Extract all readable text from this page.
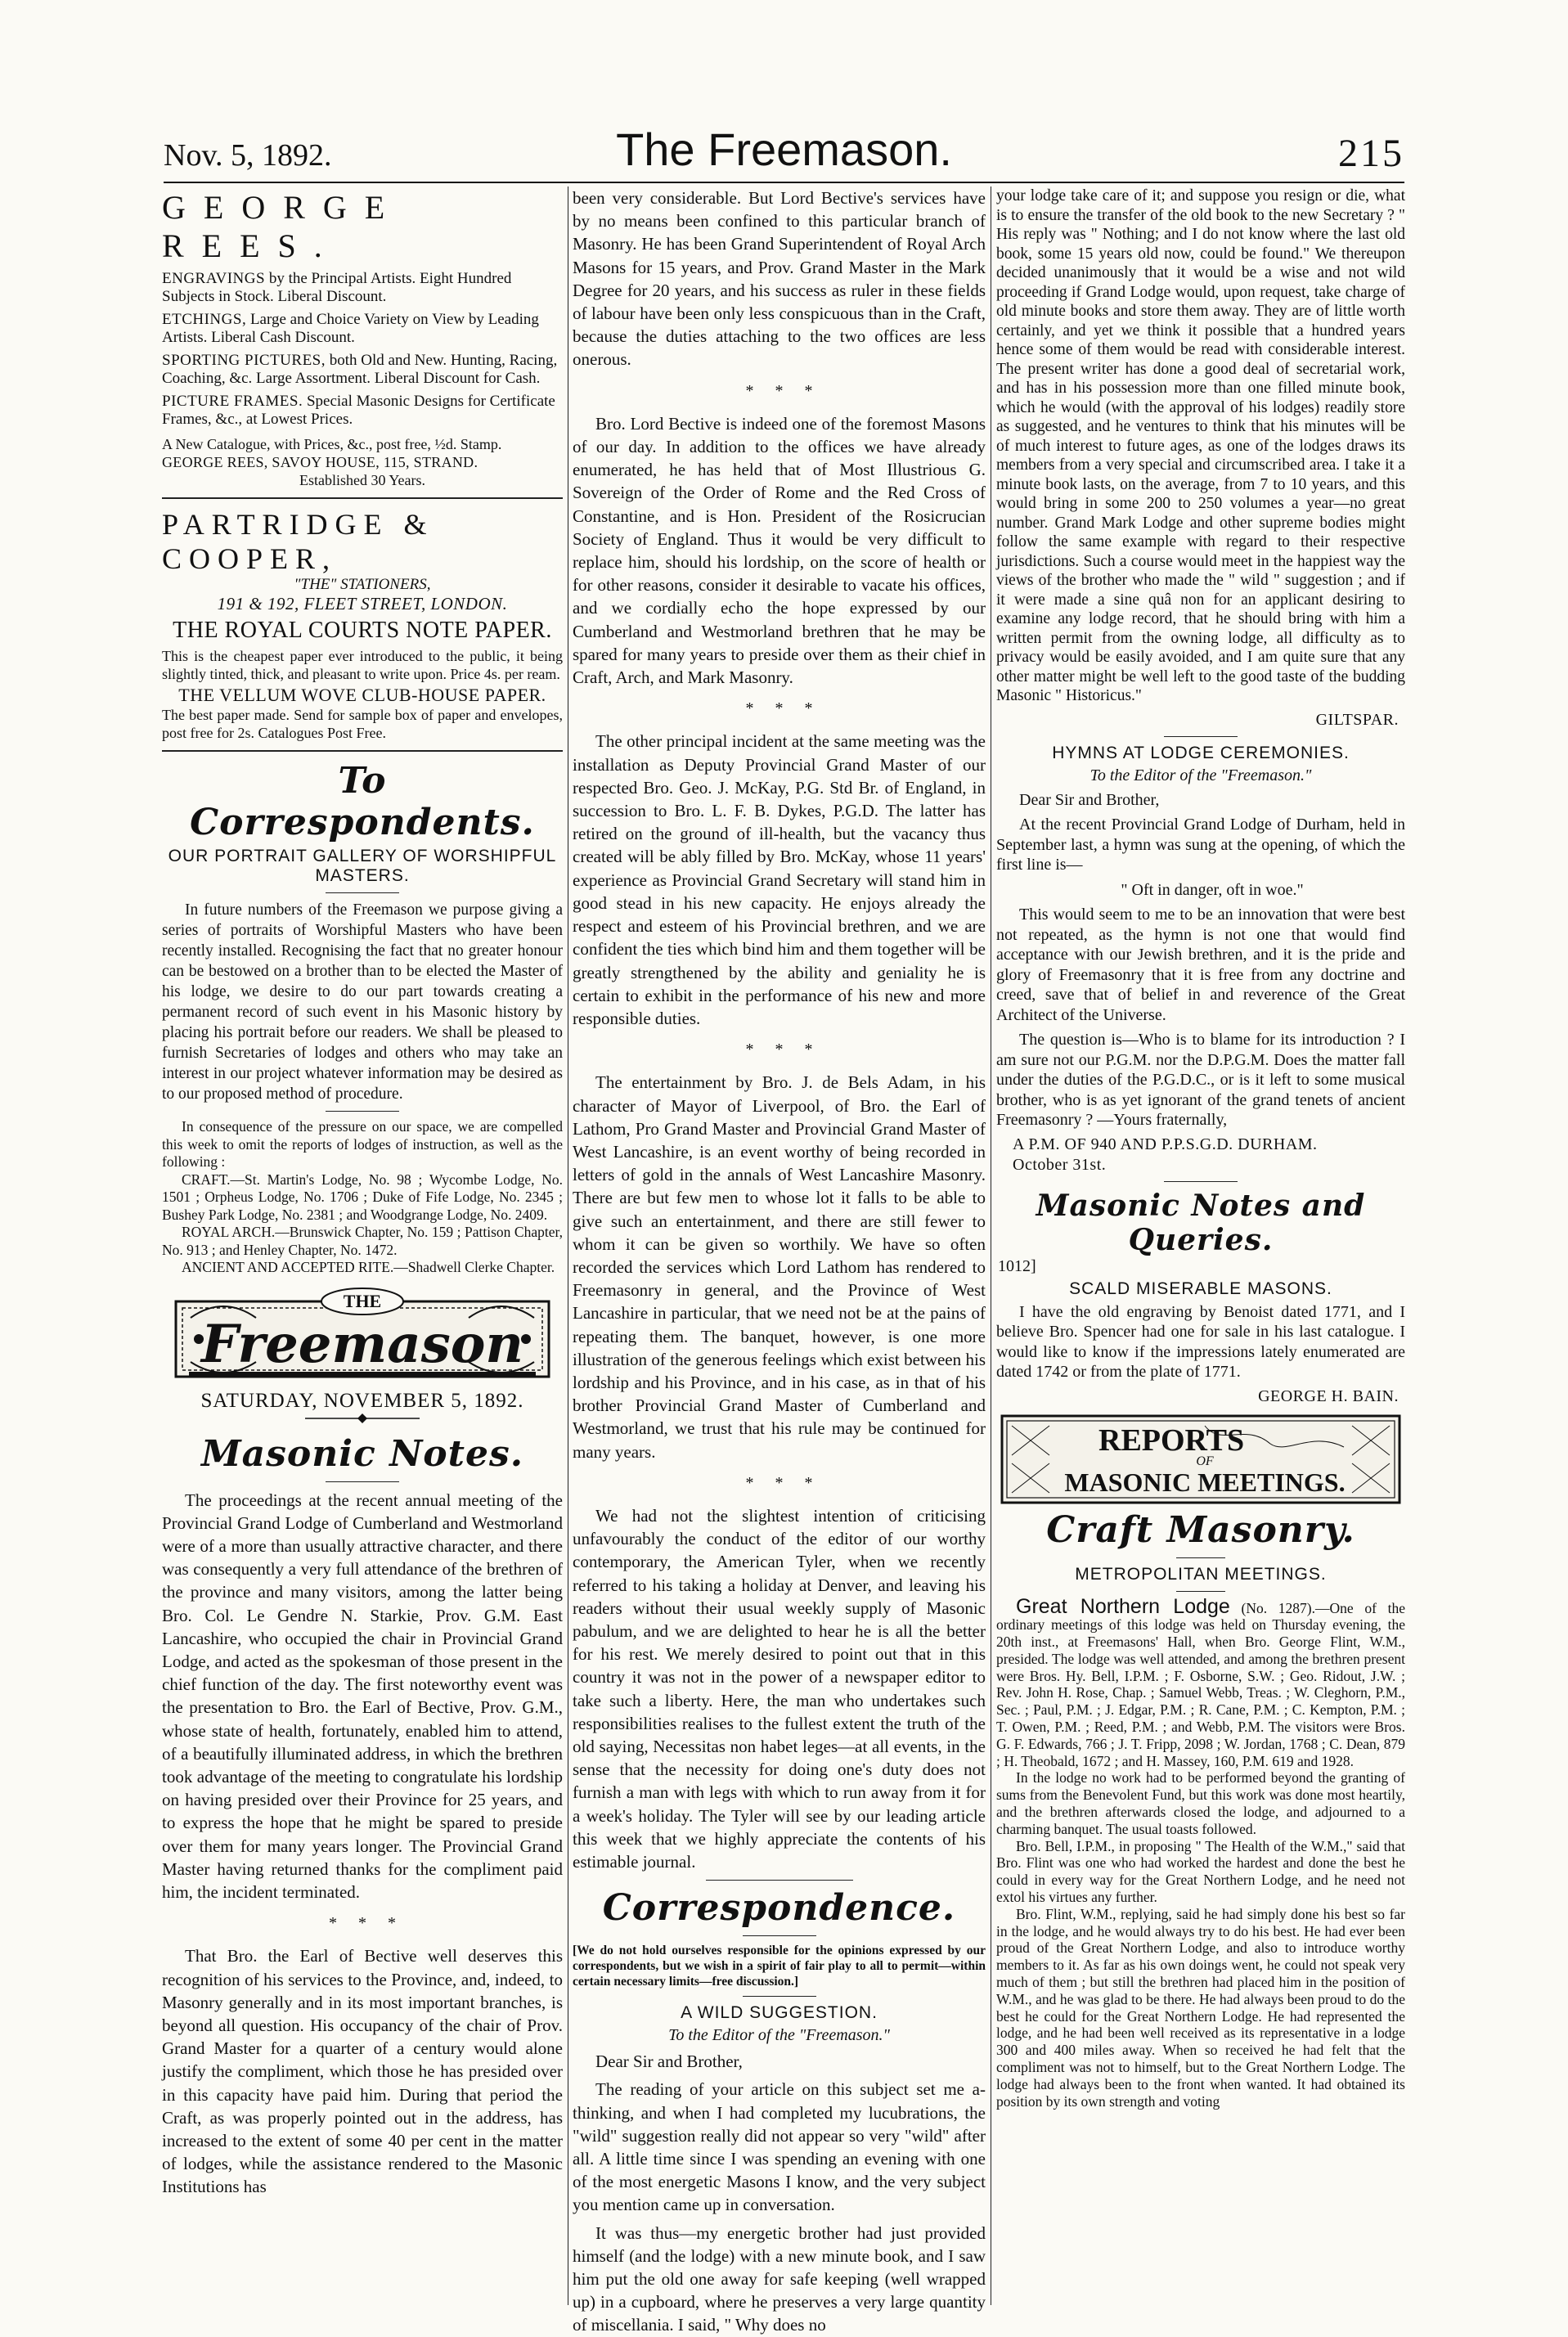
Nov. 5, 1892.	The Freemason.	215
GEORGE REES.
ENGRAVINGS by the Principal Artists. Eight Hundred Subjects in Stock. Liberal Discount.
ETCHINGS, Large and Choice Variety on View by Leading Artists. Liberal Cash Discount.
SPORTING PICTURES, both Old and New. Hunting, Racing, Coaching, &c. Large Assortment. Liberal Discount for Cash.
PICTURE FRAMES. Special Masonic Designs for Certificate Frames, &c., at Lowest Prices.
A New Catalogue, with Prices, &c., post free, ½d. Stamp.
GEORGE REES, SAVOY HOUSE, 115, STRAND.
Established 30 Years.
PARTRIDGE & COOPER,
"THE" STATIONERS,
191 & 192, FLEET STREET, LONDON.
THE ROYAL COURTS NOTE PAPER.
This is the cheapest paper ever introduced to the public, it being slightly tinted, thick, and pleasant to write upon. Price 4s. per ream.
THE VELLUM WOVE CLUB-HOUSE PAPER.
The best paper made. Send for sample box of paper and envelopes, post free for 2s. Catalogues Post Free.
To Correspondents.
OUR PORTRAIT GALLERY OF WORSHIPFUL MASTERS.

In future numbers of the Freemason we purpose giving a series of portraits of Worshipful Masters who have been recently installed. Recognising the fact that no greater honour can be bestowed on a brother than to be elected the Master of his lodge, we desire to do our part towards creating a permanent record of such event in his Masonic history by placing his portrait before our readers. We shall be pleased to furnish Secretaries of lodges and others who may take an interest in our project whatever information may be desired as to our proposed method of procedure.

In consequence of the pressure on our space, we are compelled this week to omit the reports of lodges of instruction, as well as the following :

CRAFT.—St. Martin's Lodge, No. 98 ; Wycombe Lodge, No. 1501 ; Orpheus Lodge, No. 1706 ; Duke of Fife Lodge, No. 2345 ; Bushey Park Lodge, No. 2381 ; and Woodgrange Lodge, No. 2409.

ROYAL ARCH.—Brunswick Chapter, No. 159 ; Pattison Chapter, No. 913 ; and Henley Chapter, No. 1472.

ANCIENT AND ACCEPTED RITE.—Shadwell Clerke Chapter.

THE
Freemason
SATURDAY, NOVEMBER 5, 1892.
Masonic Notes.

The proceedings at the recent annual meeting of the Provincial Grand Lodge of Cumberland and Westmorland were of a more than usually attractive character, and there was consequently a very full attendance of the brethren of the province and many visitors, among the latter being Bro. Col. Le Gendre N. Starkie, Prov. G.M. East Lancashire, who occupied the chair in Provincial Grand Lodge, and acted as the spokesman of those present in the chief function of the day. The first noteworthy event was the presentation to Bro. the Earl of Bective, Prov. G.M., whose state of health, fortunately, enabled him to attend, of a beautifully illuminated address, in which the brethren took advantage of the meeting to congratulate his lordship on having presided over their Province for 25 years, and to express the hope that he might be spared to preside over them for many years longer. The Provincial Grand Master having returned thanks for the compliment paid him, the incident terminated.

***

That Bro. the Earl of Bective well deserves this recognition of his services to the Province, and, indeed, to Masonry generally and in its most important branches, is beyond all question. His occupancy of the chair of Prov. Grand Master for a quarter of a century would alone justify the compliment, which those he has presided over in this capacity have paid him. During that period the Craft, as was properly pointed out in the address, has increased to the extent of some 40 per cent in the matter of lodges, while the assistance rendered to the Masonic Institutions has

been very considerable. But Lord Bective's services have by no means been confined to this particular branch of Masonry. He has been Grand Superintendent of Royal Arch Masons for 15 years, and Prov. Grand Master in the Mark Degree for 20 years, and his success as ruler in these fields of labour have been only less conspicuous than in the Craft, because the duties attaching to the two offices are less onerous.

***

Bro. Lord Bective is indeed one of the foremost Masons of our day. In addition to the offices we have already enumerated, he has held that of Most Illustrious G. Sovereign of the Order of Rome and the Red Cross of Constantine, and is Hon. President of the Rosicrucian Society of England. Thus it would be very difficult to replace him, should his lordship, on the score of health or for other reasons, consider it desirable to vacate his offices, and we cordially echo the hope expressed by our Cumberland and Westmorland brethren that he may be spared for many years to preside over them as their chief in Craft, Arch, and Mark Masonry.

***

The other principal incident at the same meeting was the installation as Deputy Provincial Grand Master of our respected Bro. Geo. J. McKay, P.G. Std Br. of England, in succession to Bro. L. F. B. Dykes, P.G.D. The latter has retired on the ground of ill-health, but the vacancy thus created will be ably filled by Bro. McKay, whose 11 years' experience as Provincial Grand Secretary will stand him in good stead in his new capacity. He enjoys already the respect and esteem of his Provincial brethren, and we are confident the ties which bind him and them together will be greatly strengthened by the ability and geniality he is certain to exhibit in the performance of his new and more responsible duties.

***

The entertainment by Bro. J. de Bels Adam, in his character of Mayor of Liverpool, of Bro. the Earl of Lathom, Pro Grand Master and Provincial Grand Master of West Lancashire, is an event worthy of being recorded in letters of gold in the annals of West Lancashire Masonry. There are but few men to whose lot it falls to be able to give such an entertainment, and there are still fewer to whom it can be given so worthily. We have so often recorded the services which Lord Lathom has rendered to Freemasonry in general, and the Province of West Lancashire in particular, that we need not be at the pains of repeating them. The banquet, however, is one more illustration of the generous feelings which exist between his lordship and his Province, and in his case, as in that of his brother Provincial Grand Master of Cumberland and Westmorland, we trust that his rule may be continued for many years.

***

We had not the slightest intention of criticising unfavourably the conduct of the editor of our worthy contemporary, the American Tyler, when we recently referred to his taking a holiday at Denver, and leaving his readers without their usual weekly supply of Masonic pabulum, and we are delighted to hear he is all the better for his rest. We merely desired to point out that in this country it was not in the power of a newspaper editor to take such a liberty. Here, the man who undertakes such responsibilities realises to the fullest extent the truth of the old saying, Necessitas non habet leges—at all events, in the sense that the necessity for doing one's duty does not furnish a man with legs with which to run away from it for a week's holiday. The Tyler will see by our leading article this week that we highly appreciate the contents of his estimable journal.

Correspondence.
[We do not hold ourselves responsible for the opinions expressed by our correspondents, but we wish in a spirit of fair play to all to permit—within certain necessary limits—free discussion.]
A WILD SUGGESTION.
To the Editor of the "Freemason."

Dear Sir and Brother,

The reading of your article on this subject set me a-thinking, and when I had completed my lucubrations, the "wild" suggestion really did not appear so very "wild" after all. A little time since I was spending an evening with one of the most energetic Masons I know, and the very subject you mention came up in conversation.

It was thus—my energetic brother had just provided himself (and the lodge) with a new minute book, and I saw him put the old one away for safe keeping (well wrapped up) in a cupboard, where he preserves a very large quantity of miscellania. I said, " Why does no

your lodge take care of it; and suppose you resign or die, what is to ensure the transfer of the old book to the new Secretary ? " His reply was " Nothing; and I do not know where the last old book, some 15 years old now, could be found." We thereupon decided unanimously that it would be a wise and not wild proceeding if Grand Lodge would, upon request, take charge of old minute books and store them away. They are of little worth certainly, and yet we think it possible that a hundred years hence some of them would be read with considerable interest. The present writer has done a good deal of secretarial work, and has in his possession more than one filled minute book, which he would (with the approval of his lodges) readily store as suggested, and he ventures to think that his minutes will be of much interest to future ages, as one of the lodges draws its members from a very special and circumscribed area. I take it a minute book lasts, on the average, from 7 to 10 years, and this would bring in some 200 to 250 volumes a year—no great number. Grand Mark Lodge and other supreme bodies might follow the same example with regard to their respective jurisdictions. Such a course would meet in the happiest way the views of the brother who made the " wild " suggestion ; and if it were made a sine quâ non for an applicant desiring to examine any lodge record, that he should bring with him a written permit from the owning lodge, all difficulty as to privacy would be easily avoided, and I am quite sure that any other matter might be well left to the good taste of the budding Masonic " Historicus."

GILTSPAR.
HYMNS AT LODGE CEREMONIES.
To the Editor of the "Freemason."

Dear Sir and Brother,

At the recent Provincial Grand Lodge of Durham, held in September last, a hymn was sung at the opening, of which the first line is—

" Oft in danger, oft in woe."

This would seem to me to be an innovation that were best not repeated, as the hymn is not one that would find acceptance with our Jewish brethren, and it is the pride and glory of Freemasonry that it is free from any doctrine and creed, save that of belief in and reverence of the Great Architect of the Universe.

The question is—Who is to blame for its introduction ? I am sure not our P.G.M. nor the D.P.G.M. Does the matter fall under the duties of the P.G.D.C., or is it left to some musical brother, who is as yet ignorant of the grand tenets of ancient Freemasonry ? —Yours fraternally,

A P.M. OF 940 AND P.P.S.G.D. DURHAM.
October 31st.
Masonic Notes and Queries.
1012]
SCALD MISERABLE MASONS.

I have the old engraving by Benoist dated 1771, and I believe Bro. Spencer had one for sale in his last catalogue. I would like to know if the impressions lately enumerated are dated 1742 or from the plate of 1771.

GEORGE H. BAIN.
REPORTS
OF
MASONIC MEETINGS.
Craft Masonry.
METROPOLITAN MEETINGS.

Great Northern Lodge (No. 1287).—One of the ordinary meetings of this lodge was held on Thursday evening, the 20th inst., at Freemasons' Hall, when Bro. George Flint, W.M., presided. The lodge was well attended, and among the brethren present were Bros. Hy. Bell, I.P.M. ; F. Osborne, S.W. ; Geo. Ridout, J.W. ; Rev. John H. Rose, Chap. ; Samuel Webb, Treas. ; W. Cleghorn, P.M., Sec. ; Paul, P.M. ; J. Edgar, P.M. ; R. Cane, P.M. ; C. Kempton, P.M. ; T. Owen, P.M. ; Reed, P.M. ; and Webb, P.M. The visitors were Bros. G. F. Edwards, 766 ; J. T. Fripp, 2098 ; W. Jordan, 1768 ; C. Dean, 879 ; H. Theobald, 1672 ; and H. Massey, 160, P.M. 619 and 1928.

In the lodge no work had to be performed beyond the granting of sums from the Benevolent Fund, but this work was done most heartily, and the brethren afterwards closed the lodge, and adjourned to a charming banquet. The usual toasts followed.

Bro. Bell, I.P.M., in proposing " The Health of the W.M.," said that Bro. Flint was one who had worked the hardest and done the best he could in every way for the Great Northern Lodge, and he need not extol his virtues any further.

Bro. Flint, W.M., replying, said he had simply done his best so far in the lodge, and he would always try to do his best. He had ever been proud of the Great Northern Lodge, and also to introduce worthy members to it. As far as his own doings went, he could not speak very much of them ; but still the brethren had placed him in the position of W.M., and he was glad to be there. He had always been proud to do the best he could for the Great Northern Lodge. He had represented the lodge, and he had been well received as its representative in a lodge 300 and 400 miles away. When so received he had felt that the compliment was not to himself, but to the Great Northern Lodge. The lodge had always been to the front when wanted. It had obtained its position by its own strength and voting
